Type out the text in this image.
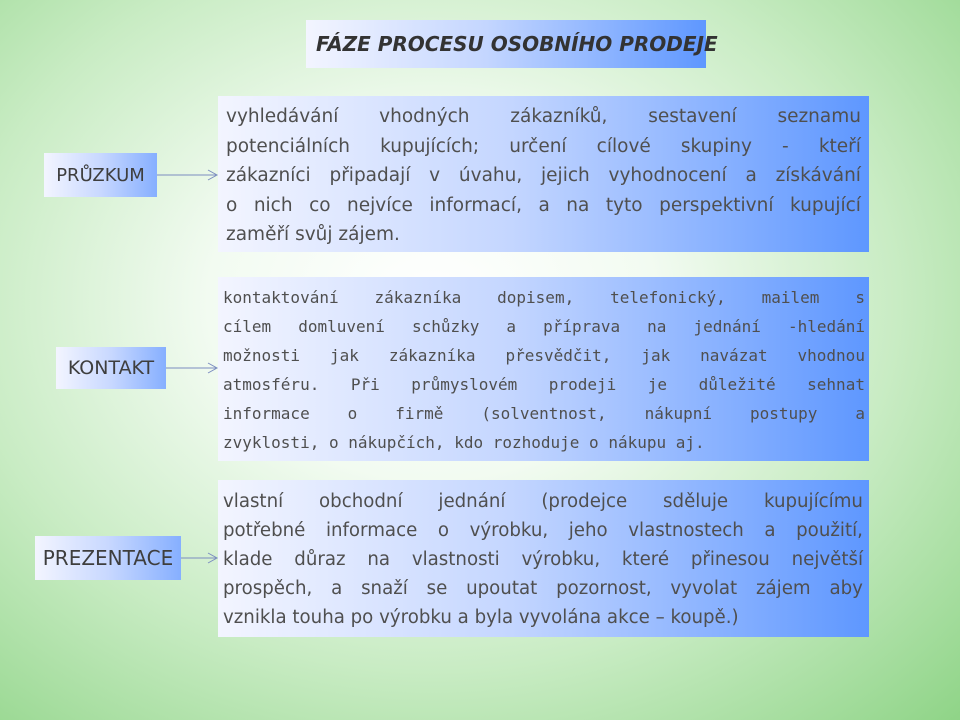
FÁZE PROCESU OSOBNÍHO PRODEJE
PRŮZKUM
vyhledávání vhodných zákazníků, sestavení seznamu
potenciálních kupujících; určení cílové skupiny - kteří
zákazníci připadají v úvahu, jejich vyhodnocení a získávání
o nich co nejvíce informací, a na tyto perspektivní kupující
zaměří svůj zájem.
KONTAKT
kontaktování zákazníka dopisem, telefonický, mailem s
cílem domluvení schůzky a příprava na jednání -hledání
možnosti jak zákazníka přesvědčit, jak navázat vhodnou
atmosféru. Při průmyslovém prodeji je důležité sehnat
informace o firmě (solventnost, nákupní postupy a
zvyklosti, o nákupčích, kdo rozhoduje o nákupu aj.
PREZENTACE
vlastní obchodní jednání (prodejce sděluje kupujícímu
potřebné informace o výrobku, jeho vlastnostech a použití,
klade důraz na vlastnosti výrobku, které přinesou největší
prospěch, a snaží se upoutat pozornost, vyvolat zájem aby
vznikla touha po výrobku a byla vyvolána akce – koupě.)
